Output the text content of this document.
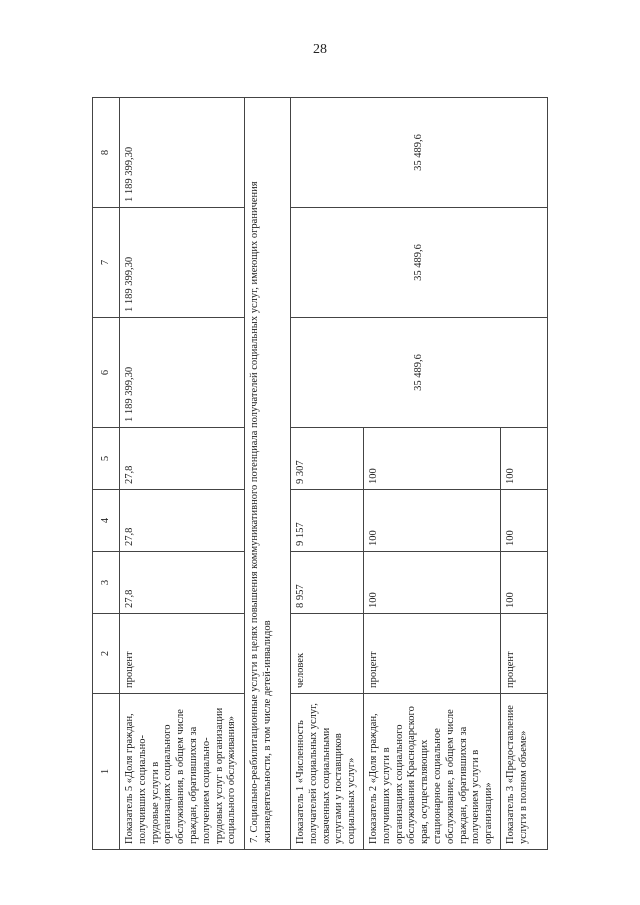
28
1	2	3	4	5	6	7	8
Показатель 5 «Доля граждан, получивших социально-трудовые услуги в организациях социального обслуживания, в общем числе граждан, обратившихся за получением социально-трудовых услуг в организации социального обслуживания»	процент	27,8	27,8	27,8	1 189 399,30	1 189 399,30	1 189 399,30
7. Социально-реабилитационные услуги в целях повышения коммуникативного потенциала получателей социальных услуг, имеющих ограничения жизнедеятельности, в том числе детей-инвалидов							
Показатель 1 «Численность получателей социальных услуг, охваченных социальными услугами у поставщиков социальных услуг»	человек	8 957	9 157	9 307	35 489,6	35 489,6	35 489,6
Показатель 2 «Доля граждан, получивших услуги в организациях социального обслуживания Краснодарского края, осуществляющих стационарное социальное обслуживание, в общем числе граждан, обратившихся за получением услуги в организации»	процент	100	100	100			
Показатель 3 «Предоставление услуги в полном объеме»	процент	100	100	100			
